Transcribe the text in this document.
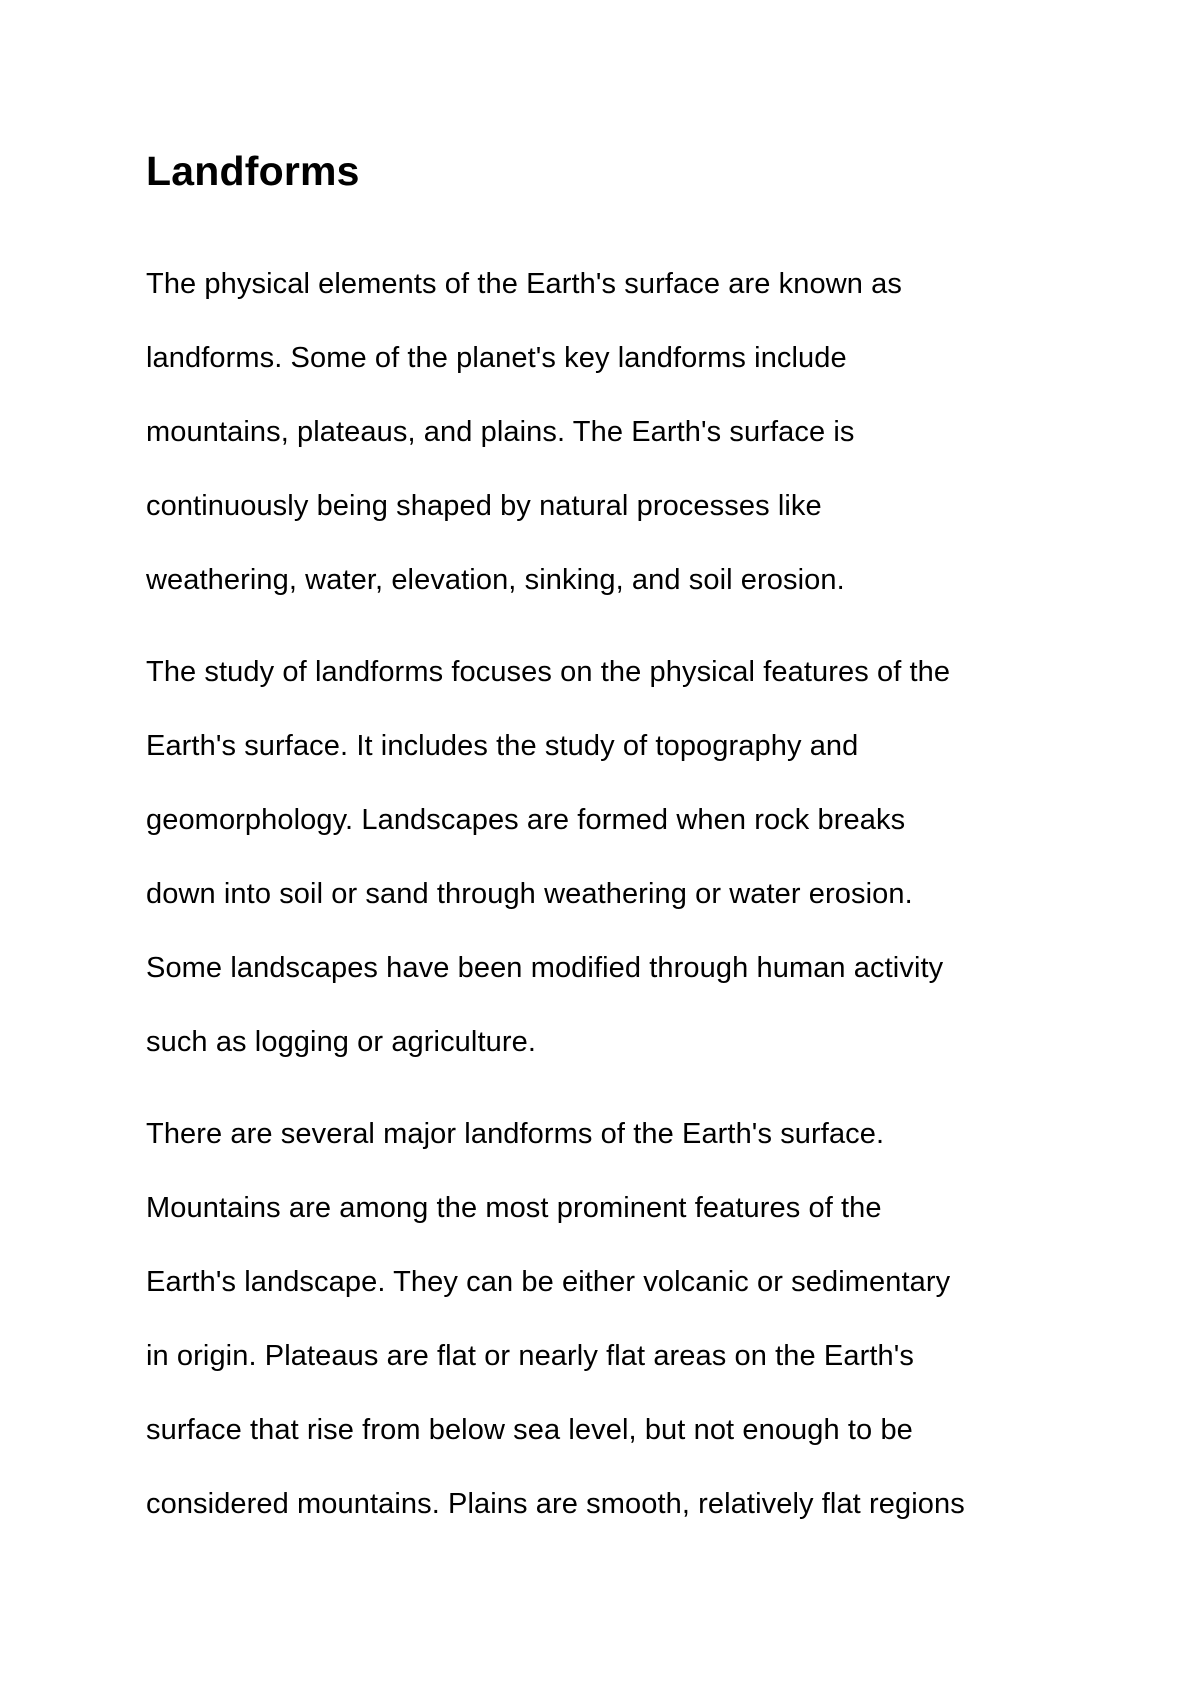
Landforms

The physical elements of the Earth's surface are known as

landforms. Some of the planet's key landforms include

mountains, plateaus, and plains. The Earth's surface is

continuously being shaped by natural processes like

weathering, water, elevation, sinking, and soil erosion.

The study of landforms focuses on the physical features of the

Earth's surface. It includes the study of topography and

geomorphology. Landscapes are formed when rock breaks

down into soil or sand through weathering or water erosion.

Some landscapes have been modified through human activity

such as logging or agriculture.

There are several major landforms of the Earth's surface.

Mountains are among the most prominent features of the

Earth's landscape. They can be either volcanic or sedimentary

in origin. Plateaus are flat or nearly flat areas on the Earth's

surface that rise from below sea level, but not enough to be

considered mountains. Plains are smooth, relatively flat regions
